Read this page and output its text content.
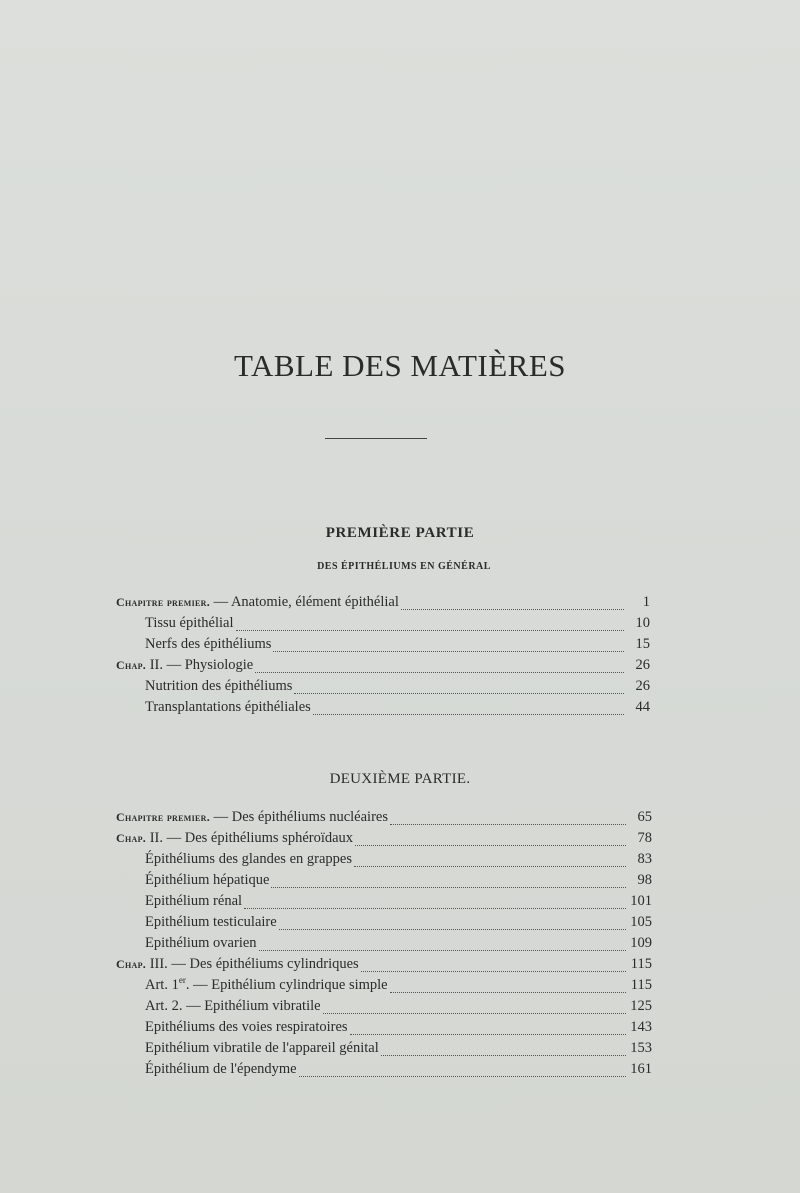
TABLE DES MATIÈRES
PREMIÈRE PARTIE
DES ÉPITHÉLIUMS EN GÉNÉRAL
DEUXIÈME PARTIE.
Chapitre premier. — Anatomie, élément épithélial	1
Tissu épithélial	10
Nerfs des épithéliums	15
Chap. II. — Physiologie	26
Nutrition des épithéliums	26
Transplantations épithéliales	44
Chapitre premier. — Des épithéliums nucléaires	65
Chap. II. — Des épithéliums sphéroïdaux	78
Épithéliums des glandes en grappes	83
Épithélium hépatique	98
Epithélium rénal	101
Epithélium testiculaire	105
Epithélium ovarien	109
Chap. III. — Des épithéliums cylindriques	115
Art. 1er. — Epithélium cylindrique simple	115
Art. 2. — Epithélium vibratile	125
Epithéliums des voies respiratoires	143
Epithélium vibratile de l'appareil génital	153
Épithélium de l'épendyme	161
